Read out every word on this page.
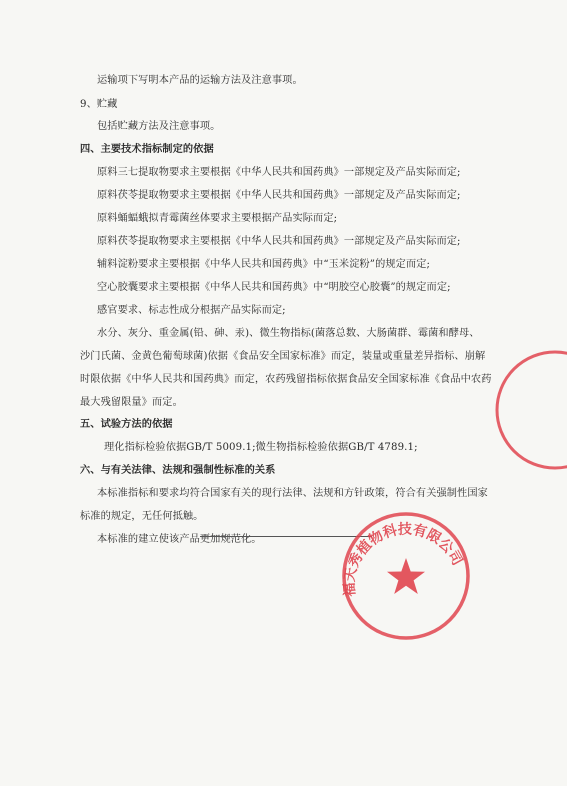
运输项下写明本产品的运输方法及注意事项。
9、贮藏
包括贮藏方法及注意事项。
四、主要技术指标制定的依据
原料三七提取物要求主要根据《中华人民共和国药典》一部规定及产品实际而定;
原料茯苓提取物要求主要根据《中华人民共和国药典》一部规定及产品实际而定;
原料蛹蝠蛾拟青霉菌丝体要求主要根据产品实际而定;
原料茯苓提取物要求主要根据《中华人民共和国药典》一部规定及产品实际而定;
辅料淀粉要求主要根据《中华人民共和国药典》中“玉米淀粉”的规定而定;
空心胶囊要求主要根据《中华人民共和国药典》中“明胶空心胶囊”的规定而定;
感官要求、标志性成分根据产品实际而定;
水分、灰分、重金属(铅、砷、汞)、微生物指标(菌落总数、大肠菌群、霉菌和酵母、
沙门氏菌、金黄色葡萄球菌)依据《食品安全国家标准》而定，装量或重量差异指标、崩解
时限依据《中华人民共和国药典》而定，农药残留指标依据食品安全国家标准《食品中农药
最大残留限量》而定。
五、试验方法的依据
理化指标检验依据GB/T 5009.1;微生物指标检验依据GB/T 4789.1;
六、与有关法律、法规和强制性标准的关系
本标准指标和要求均符合国家有关的现行法律、法规和方针政策，符合有关强制性国家
标准的规定，无任何抵触。
本标准的建立使该产品更加规范化。
福天秀植物科技有限公司
